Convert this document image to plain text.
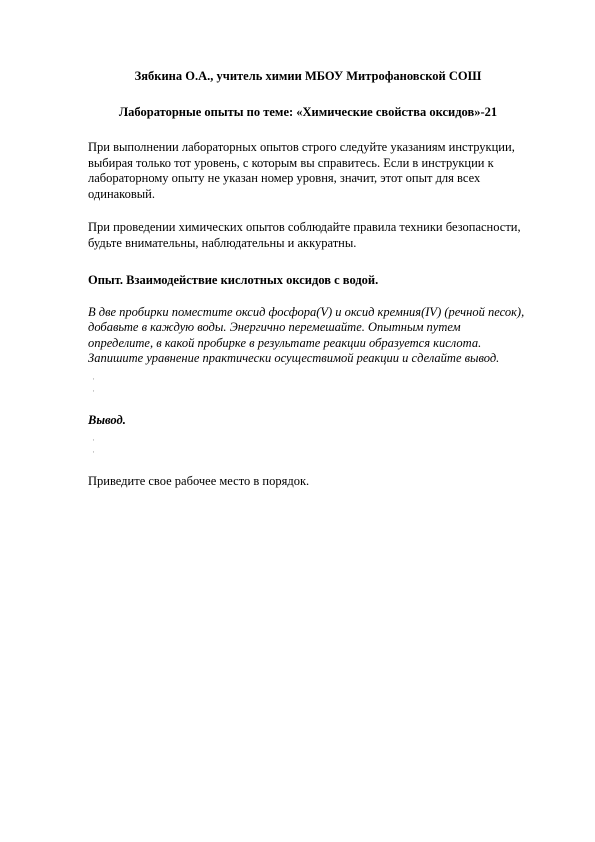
Зябкина О.А., учитель химии МБОУ Митрофановской СОШ
Лабораторные опыты по теме: «Химические свойства оксидов»-21
При выполнении лабораторных опытов строго следуйте указаниям инструкции, выбирая только тот уровень, с которым вы справитесь. Если в инструкции к лабораторному опыту не указан номер уровня, значит, этот опыт для всех одинаковый.
При проведении химических опытов соблюдайте правила техники безопасности, будьте внимательны, наблюдательны и аккуратны.
Опыт. Взаимодействие кислотных оксидов с водой.
В две пробирки поместите оксид фосфора(V) и оксид кремния(IV) (речной песок), добавьте в каждую воды. Энергично перемешайте. Опытным путем определите, в какой пробирке в результате реакции образуется кислота. Запишите уравнение практически осуществимой реакции и сделайте вывод.
·
·
Вывод.
·
·
Приведите свое рабочее место в порядок.
